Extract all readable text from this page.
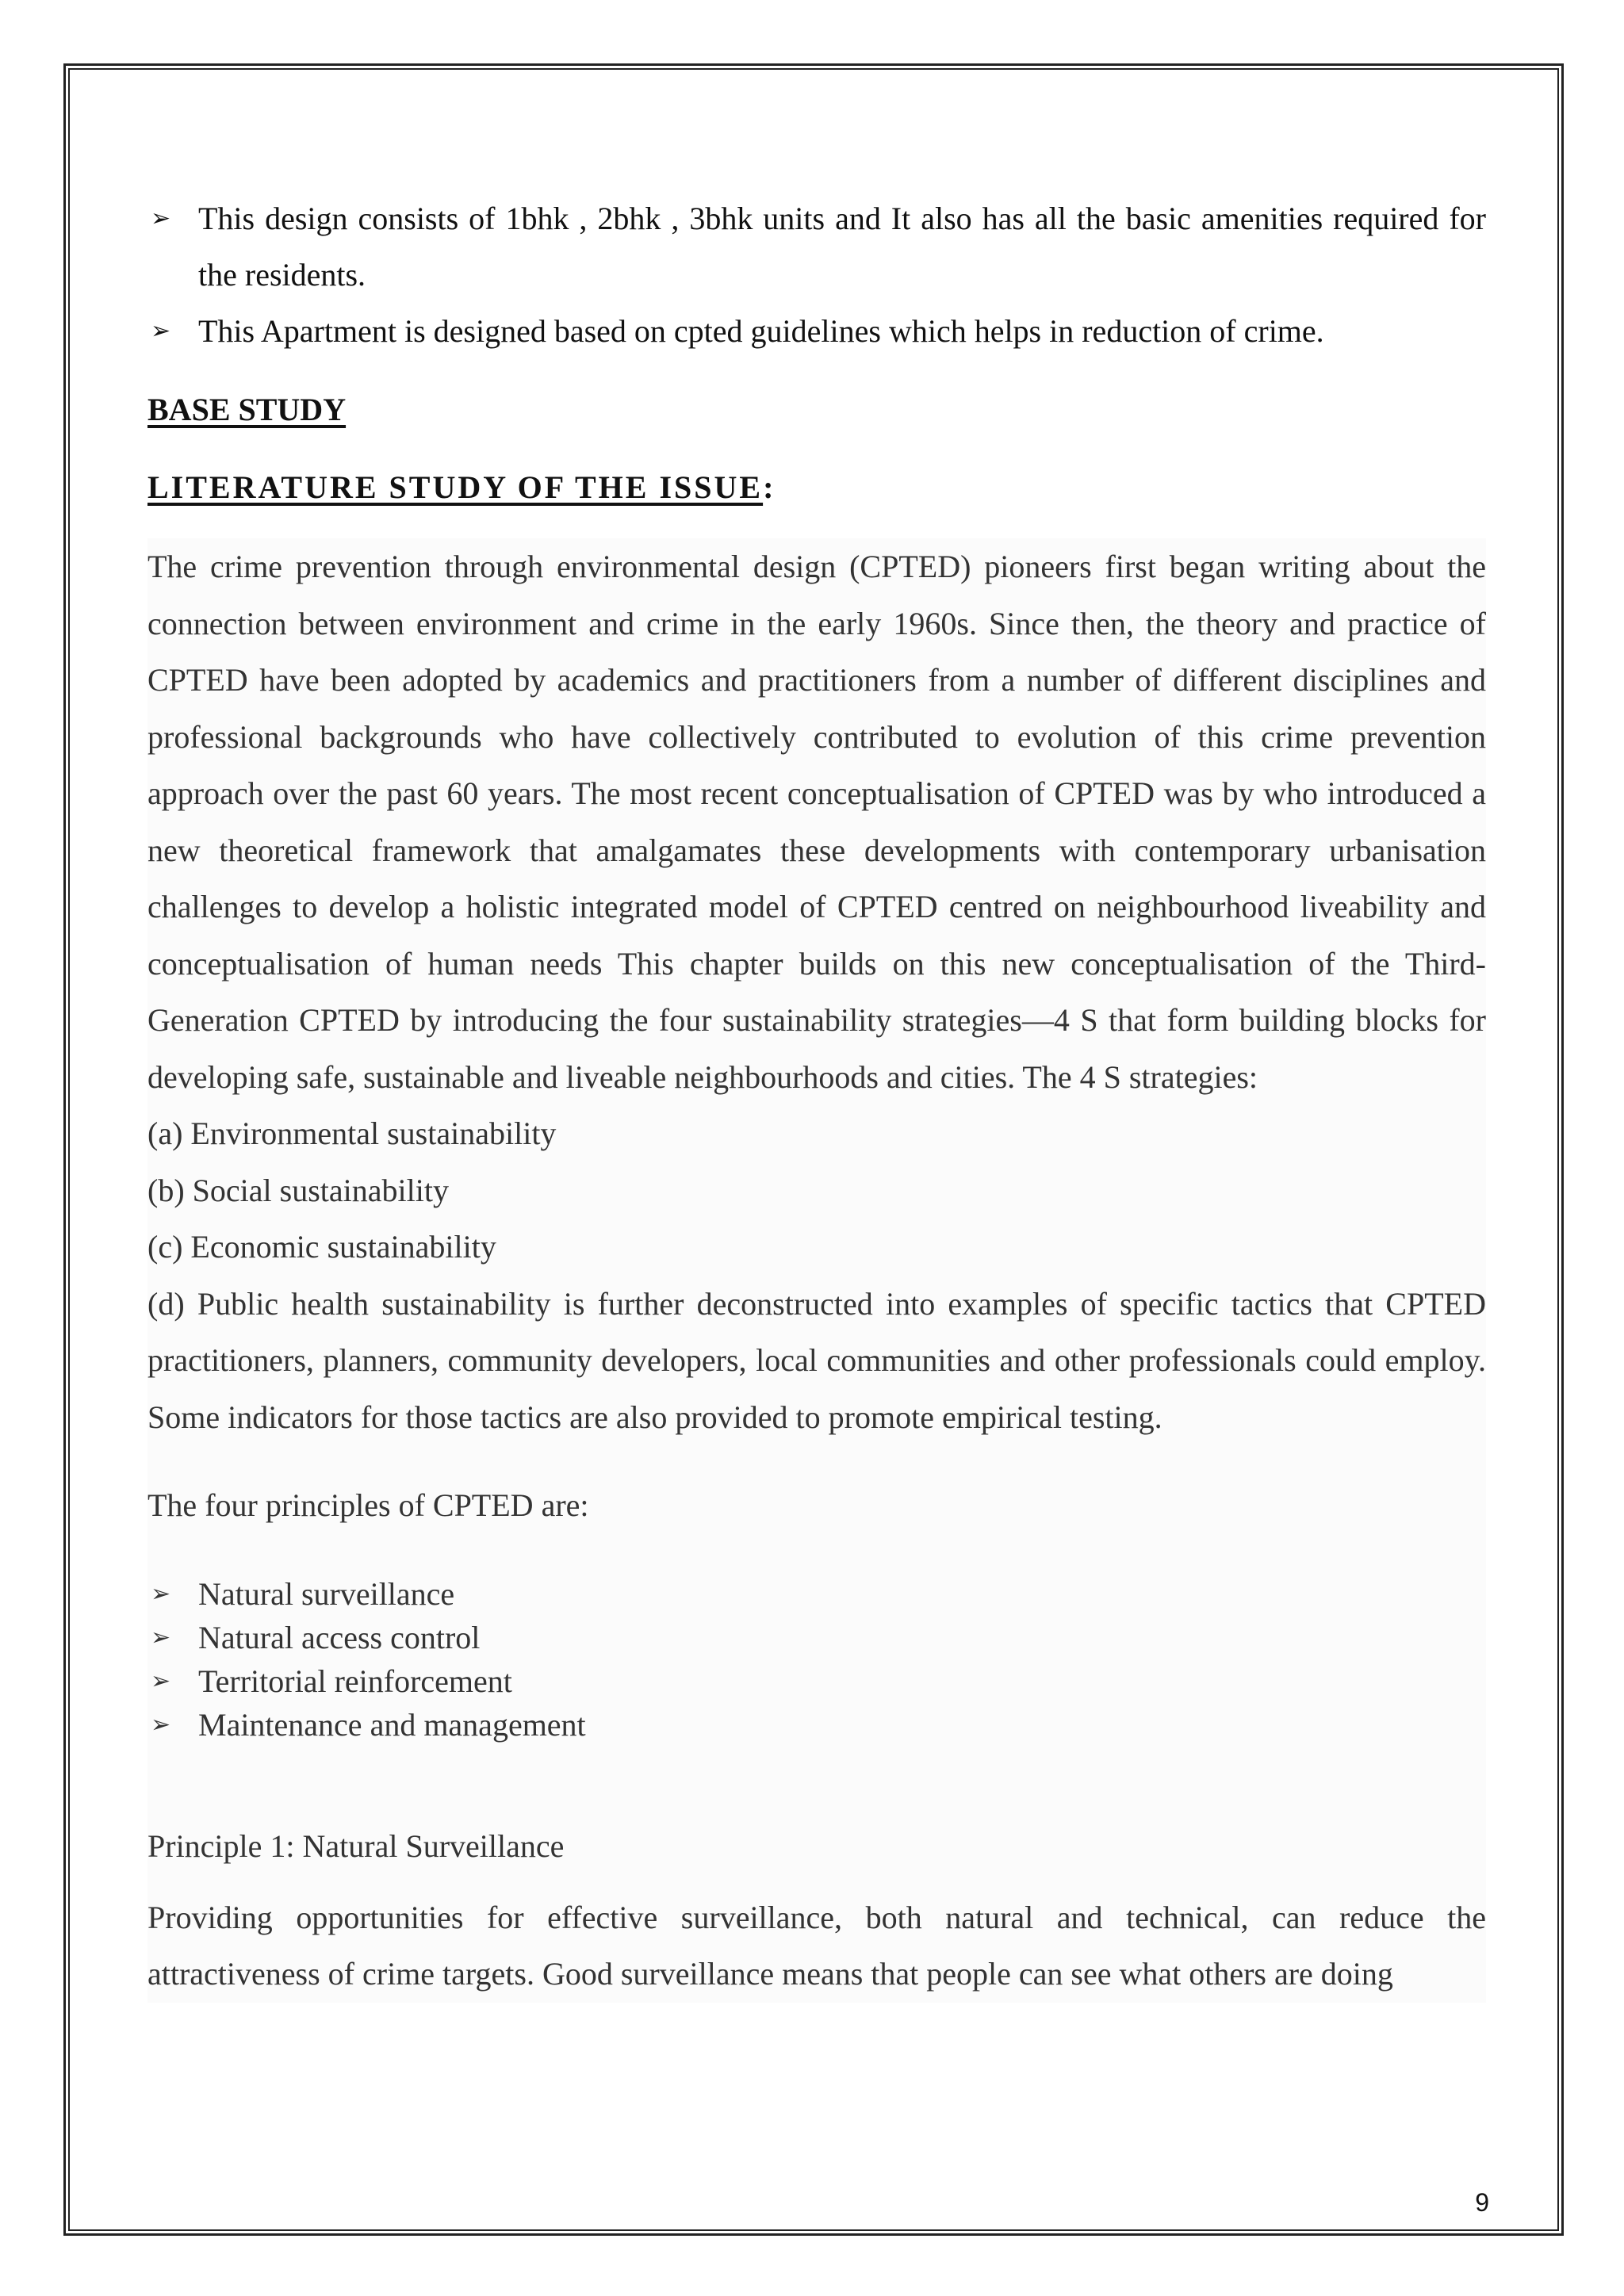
➢ This design consists of 1bhk , 2bhk , 3bhk units and It also has all the basic amenities required for the residents.

➢ This Apartment is designed based on cpted guidelines which helps in reduction of crime.

BASE STUDY
LITERATURE STUDY OF THE ISSUE:

The crime prevention through environmental design (CPTED) pioneers first began writing about the connection between environment and crime in the early 1960s. Since then, the theory and practice of CPTED have been adopted by academics and practitioners from a number of different disciplines and professional backgrounds who have collectively contributed to evolution of this crime prevention approach over the past 60 years. The most recent conceptualisation of CPTED was by who introduced a new theoretical framework that amalgamates these developments with contemporary urbanisation challenges to develop a holistic integrated model of CPTED centred on neighbourhood liveability and conceptualisation of human needs This chapter builds on this new conceptualisation of the Third-Generation CPTED by introducing the four sustainability strategies—4 S that form building blocks for developing safe, sustainable and liveable neighbourhoods and cities. The 4 S strategies:

(a) Environmental sustainability

(b) Social sustainability

(c) Economic sustainability

(d) Public health sustainability is further deconstructed into examples of specific tactics that CPTED practitioners, planners, community developers, local communities and other professionals could employ. Some indicators for those tactics are also provided to promote empirical testing.

The four principles of CPTED are:

➢ Natural surveillance

➢ Natural access control

➢ Territorial reinforcement

➢ Maintenance and management

Principle 1: Natural Surveillance

Providing opportunities for effective surveillance, both natural and technical, can reduce the attractiveness of crime targets. Good surveillance means that people can see what others are doing

9
